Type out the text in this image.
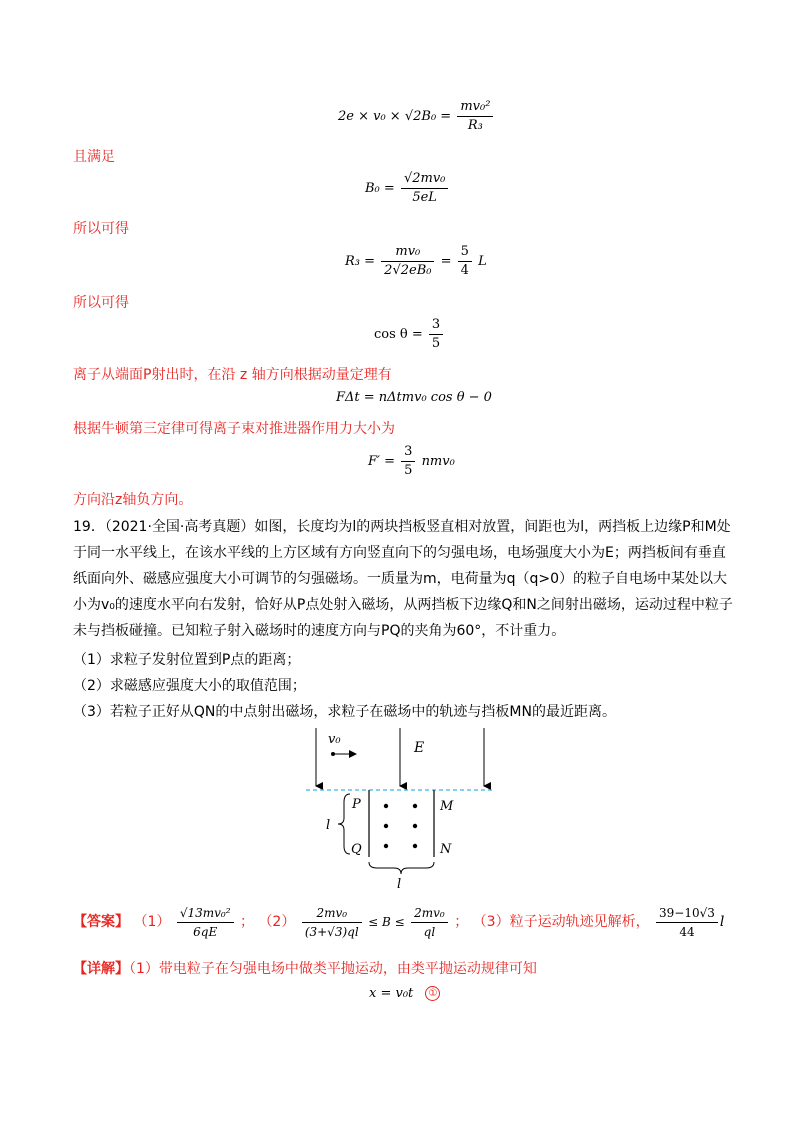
$2e \times v_0 \times √2B_0 = \frac{\text{mv₀²}}{\text{R₃}}$
且满足
$B_0 = \frac{\text{√2mv₀}}{5eL}$
所以可得
$R_3 = \frac{\text{mv₀}}{\text{2√2eB₀}} = \frac{5}{4}$ L
所以可得
$\cos \theta = \frac{3}{5}$
离子从端面P射出时，在沿 z 轴方向根据动量定理有
FΔt = nΔtmv₀ cos θ − 0
根据牛顿第三定律可得离子束对推进器作用力大小为
$F' = \frac{3}{5} nmv_0$
方向沿z轴负方向。
19．（2021·全国·高考真题）如图，长度均为l的两块挡板竖直相对放置，间距也为l，两挡板上边缘P和M处于同一水平线上，在该水平线的上方区域有方向竖直向下的匀强电场，电场强度大小为E；两挡板间有垂直纸面向外、磁感应强度大小可调节的匀强磁场。一质量为m，电荷量为q（q>0）的粒子自电场中某处以大小为v₀的速度水平向右发射，恰好从P点处射入磁场，从两挡板下边缘Q和N之间射出磁场，运动过程中粒子未与挡板碰撞。已知粒子射入磁场时的速度方向与PQ的夹角为60°，不计重力。
（1）求粒子发射位置到P点的距离；
（2）求磁感应强度大小的取值范围；
（3）若粒子正好从QN的中点射出磁场，求粒子在磁场中的轨迹与挡板MN的最近距离。
v₀
E
P
Q
M
N
l
l
【答案】 $(1) \frac{\text{√13mv₀²}}{6qE}$ ； $(2) \frac{\text{2mv₀}}{(3+√3)ql} \le B \le \frac{\text{2mv₀}}{ql}$ ； （3）粒子运动轨迹见解析， $\frac{39-10√3}{44}$ l
【详解】（1）带电粒子在匀强电场中做类平抛运动，由类平抛运动规律可知
x = v₀t ①
